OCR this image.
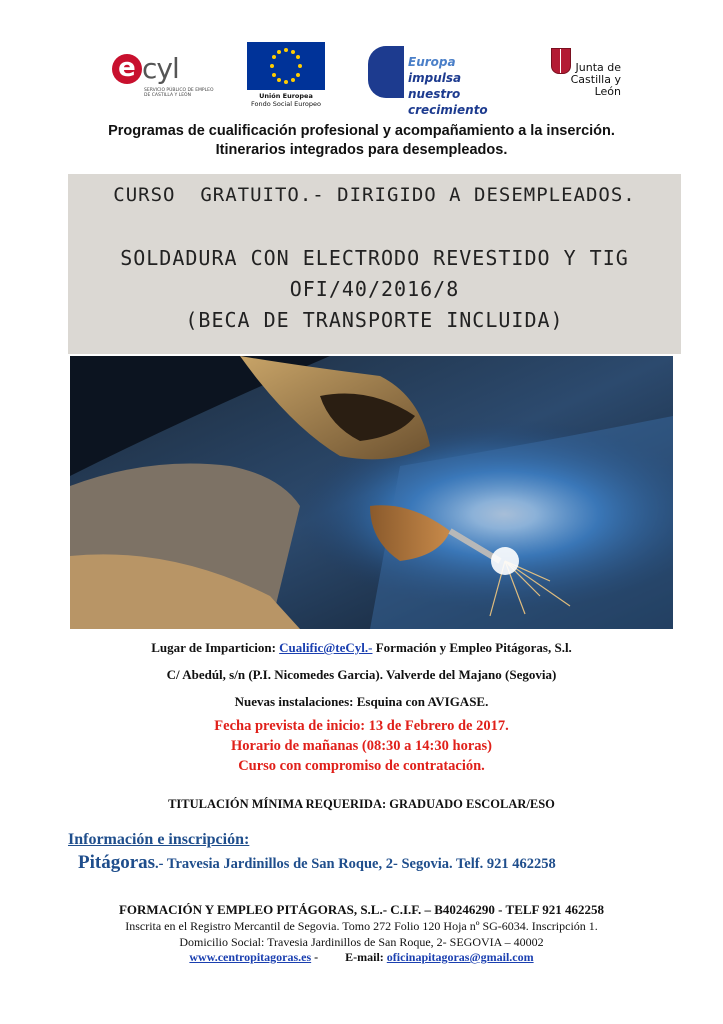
e cyl
SERVICIO PÚBLICO DE EMPLEO DE CASTILLA Y LEÓN	Unión Europea
Fondo Social Europeo
Europa impulsa
nuestro crecimiento
Junta de
Castilla y León
Programas de cualificación profesional y acompañamiento a la inserción.
Itinerarios integrados para desempleados.
CURSO  GRATUITO.- DIRIGIDO A DESEMPLEADOS.
SOLDADURA CON ELECTRODO REVESTIDO Y TIG
OFI/40/2016/8
(BECA DE TRANSPORTE INCLUIDA)
Lugar de Imparticion: Cualific@teCyl.- Formación y Empleo Pitágoras, S.l.
C/ Abedúl, s/n (P.I. Nicomedes Garcia). Valverde del Majano (Segovia)
Nuevas instalaciones: Esquina con AVIGASE.
Fecha prevista de inicio: 13 de Febrero de 2017.
Horario de mañanas (08:30 a 14:30 horas)
Curso con compromiso de contratación.
TITULACIÓN MÍNIMA REQUERIDA: GRADUADO ESCOLAR/ESO
Información e inscripción:
Pitágoras.- Travesia Jardinillos de San Roque, 2- Segovia. Telf. 921 462258
FORMACIÓN Y EMPLEO PITÁGORAS, S.L.- C.I.F. – B40246290 - TELF 921 462258
Inscrita en el Registro Mercantil de Segovia. Tomo 272 Folio 120 Hoja nº SG-6034. Inscripción 1.
Domicilio Social: Travesia Jardinillos de San Roque, 2- SEGOVIA – 40002
www.centropitagoras.es -         E-mail: oficinapitagoras@gmail.com
